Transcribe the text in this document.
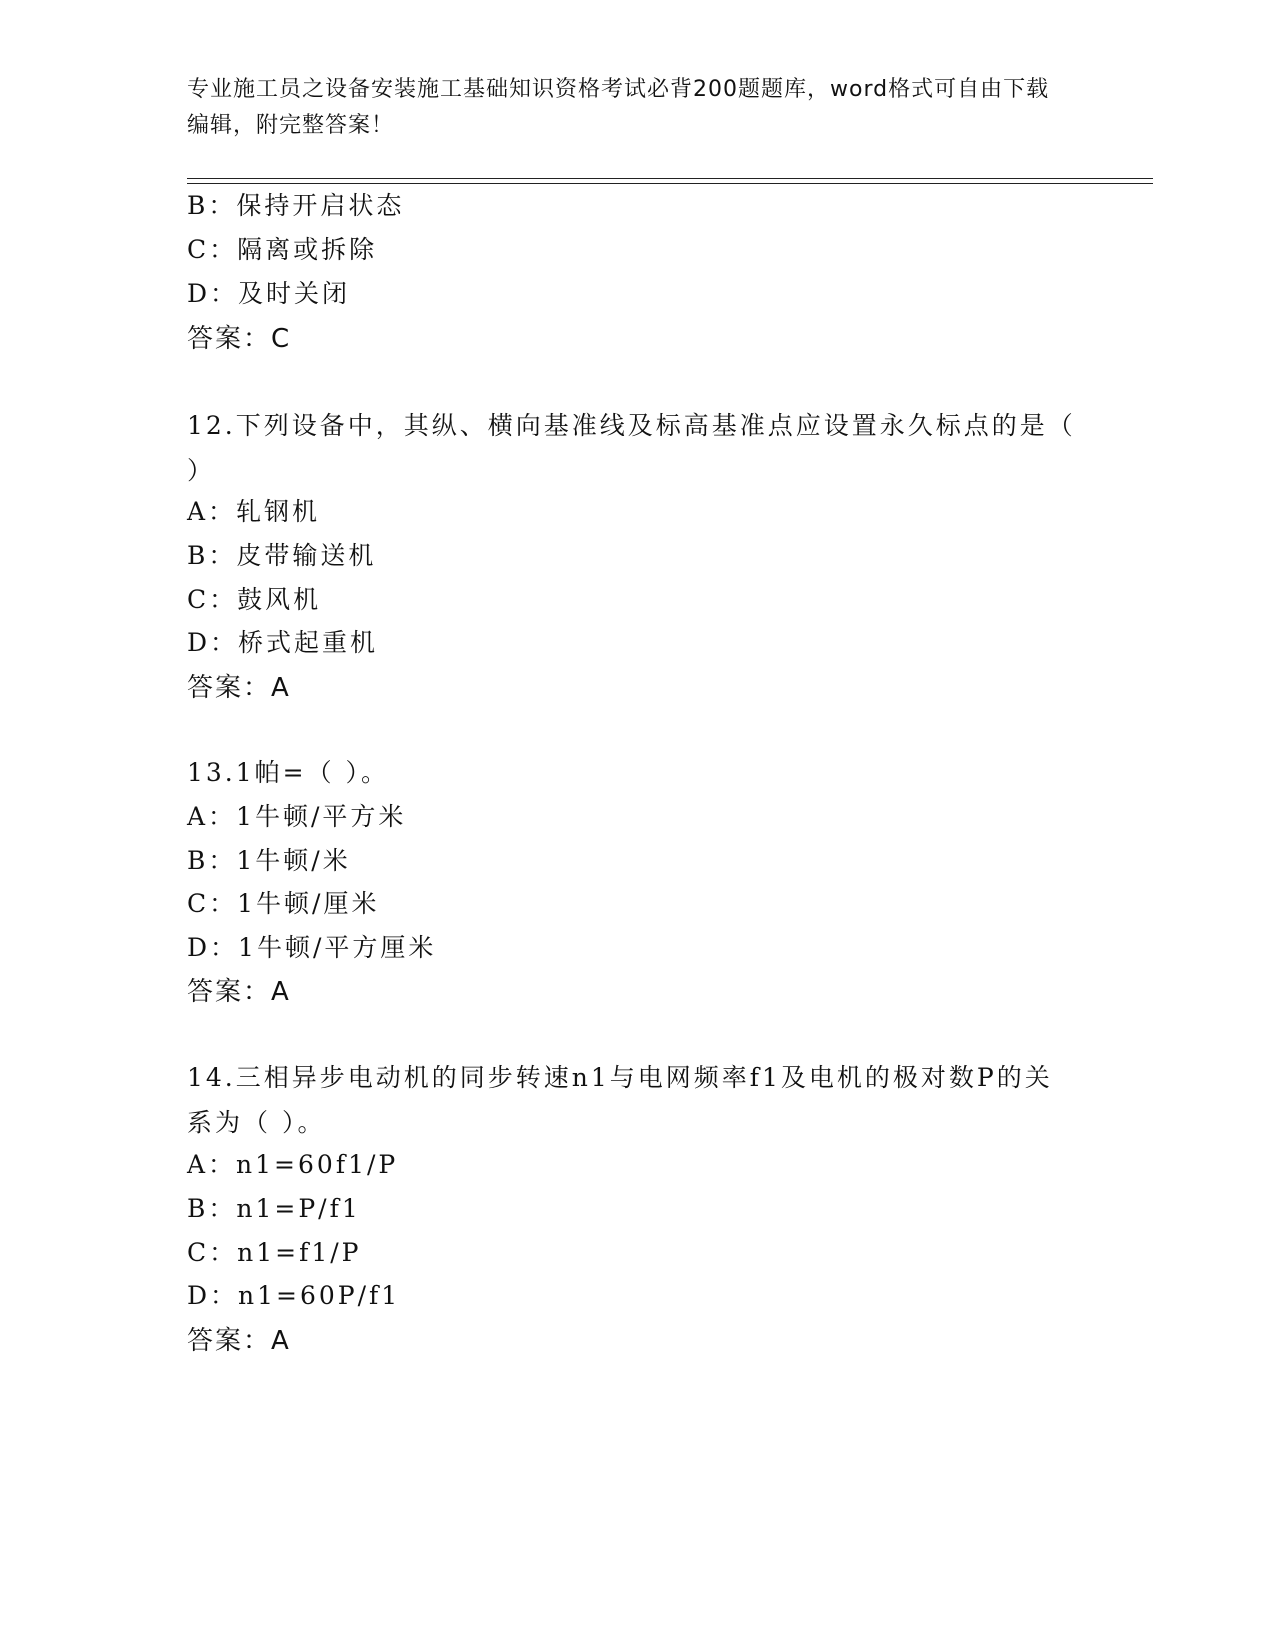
专业施工员之设备安装施工基础知识资格考试必背200题题库，word格式可自由下载编辑，附完整答案！
B：保持开启状态
C：隔离或拆除
D：及时关闭
答案：C
12.下列设备中，其纵、横向基准线及标高基准点应设置永久标点的是（ ）
A：轧钢机
B：皮带输送机
C：鼓风机
D：桥式起重机
答案：A
13.1帕=（ ）。
A：1牛顿/平方米
B：1牛顿/米
C：1牛顿/厘米
D：1牛顿/平方厘米
答案：A
14.三相异步电动机的同步转速n1与电网频率f1及电机的极对数P的关系为（ ）。
A：n1=60f1/P
B：n1=P/f1
C：n1=f1/P
D：n1=60P/f1
答案：A
